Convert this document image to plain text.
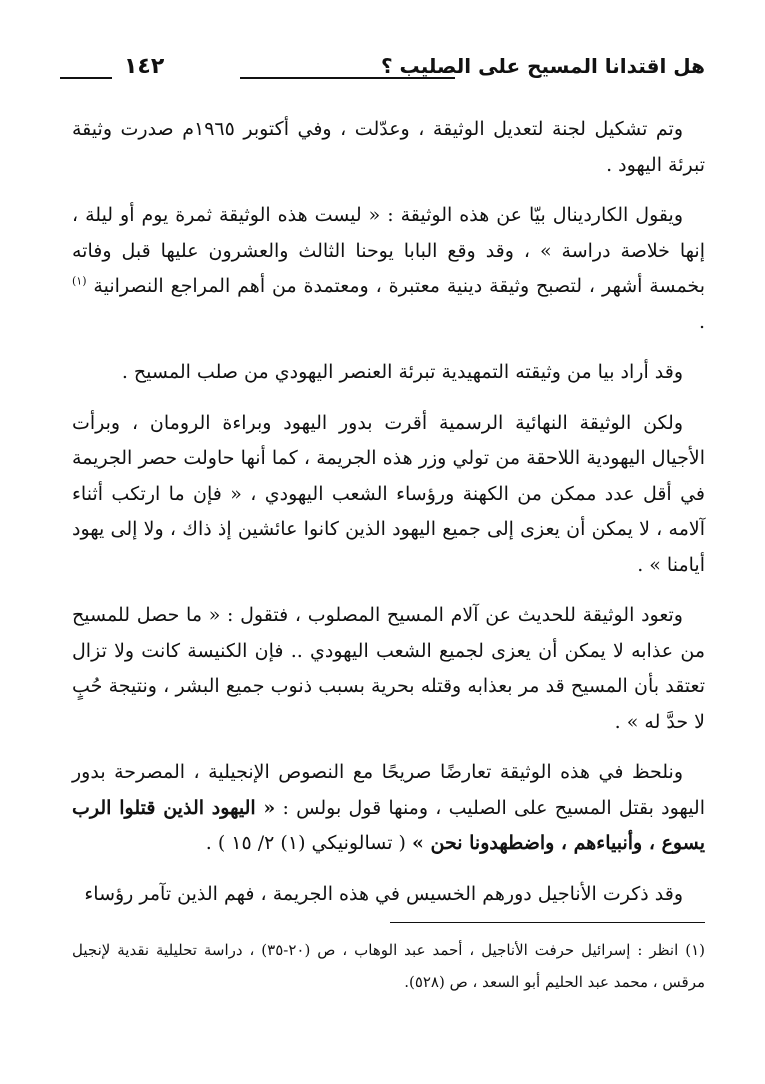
هل اقتدانا المسيح على الصليب ؟
١٤٢

وتم تشكيل لجنة لتعديل الوثيقة ، وعدّلت ، وفي أكتوبر ١٩٦٥م صدرت وثيقة تبرئة اليهود .

ويقول الكاردينال بيّا عن هذه الوثيقة : « ليست هذه الوثيقة ثمرة يوم أو ليلة ، إنها خلاصة دراسة » ، وقد وقع البابا يوحنا الثالث والعشرون عليها قبل وفاته بخمسة أشهر ، لتصبح وثيقة دينية معتبرة ، ومعتمدة من أهم المراجع النصرانية $^{(١)}$ .

وقد أراد بيا من وثيقته التمهيدية تبرئة العنصر اليهودي من صلب المسيح .

ولكن الوثيقة النهائية الرسمية أقرت بدور اليهود وبراءة الرومان ، وبرأت الأجيال اليهودية اللاحقة من تولي وزر هذه الجريمة ، كما أنها حاولت حصر الجريمة في أقل عدد ممكن من الكهنة ورؤساء الشعب اليهودي ، « فإن ما ارتكب أثناء آلامه ، لا يمكن أن يعزى إلى جميع اليهود الذين كانوا عائشين إذ ذاك ، ولا إلى يهود أيامنا » .

وتعود الوثيقة للحديث عن آلام المسيح المصلوب ، فتقول : « ما حصل للمسيح من عذابه لا يمكن أن يعزى لجميع الشعب اليهودي .. فإن الكنيسة كانت ولا تزال تعتقد بأن المسيح قد مر بعذابه وقتله بحرية بسبب ذنوب جميع البشر ، ونتيجة حُبٍ لا حدَّ له » .

ونلحظ في هذه الوثيقة تعارضًا صريحًا مع النصوص الإنجيلية ، المصرحة بدور اليهود بقتل المسيح على الصليب ، ومنها قول بولس : « اليهود الذين قتلوا الرب يسوع ، وأنبياءهم ، واضطهدونا نحن » ( تسالونيكي (١) ٢/ ١٥ ) .

وقد ذكرت الأناجيل دورهم الخسيس في هذه الجريمة ، فهم الذين تآمر رؤساء

(١) انظر : إسرائيل حرفت الأناجيل ، أحمد عبد الوهاب ، ص (٢٠-٣٥) ، دراسة تحليلية نقدية لإنجيل مرقس ، محمد عبد الحليم أبو السعد ، ص (٥٢٨).
